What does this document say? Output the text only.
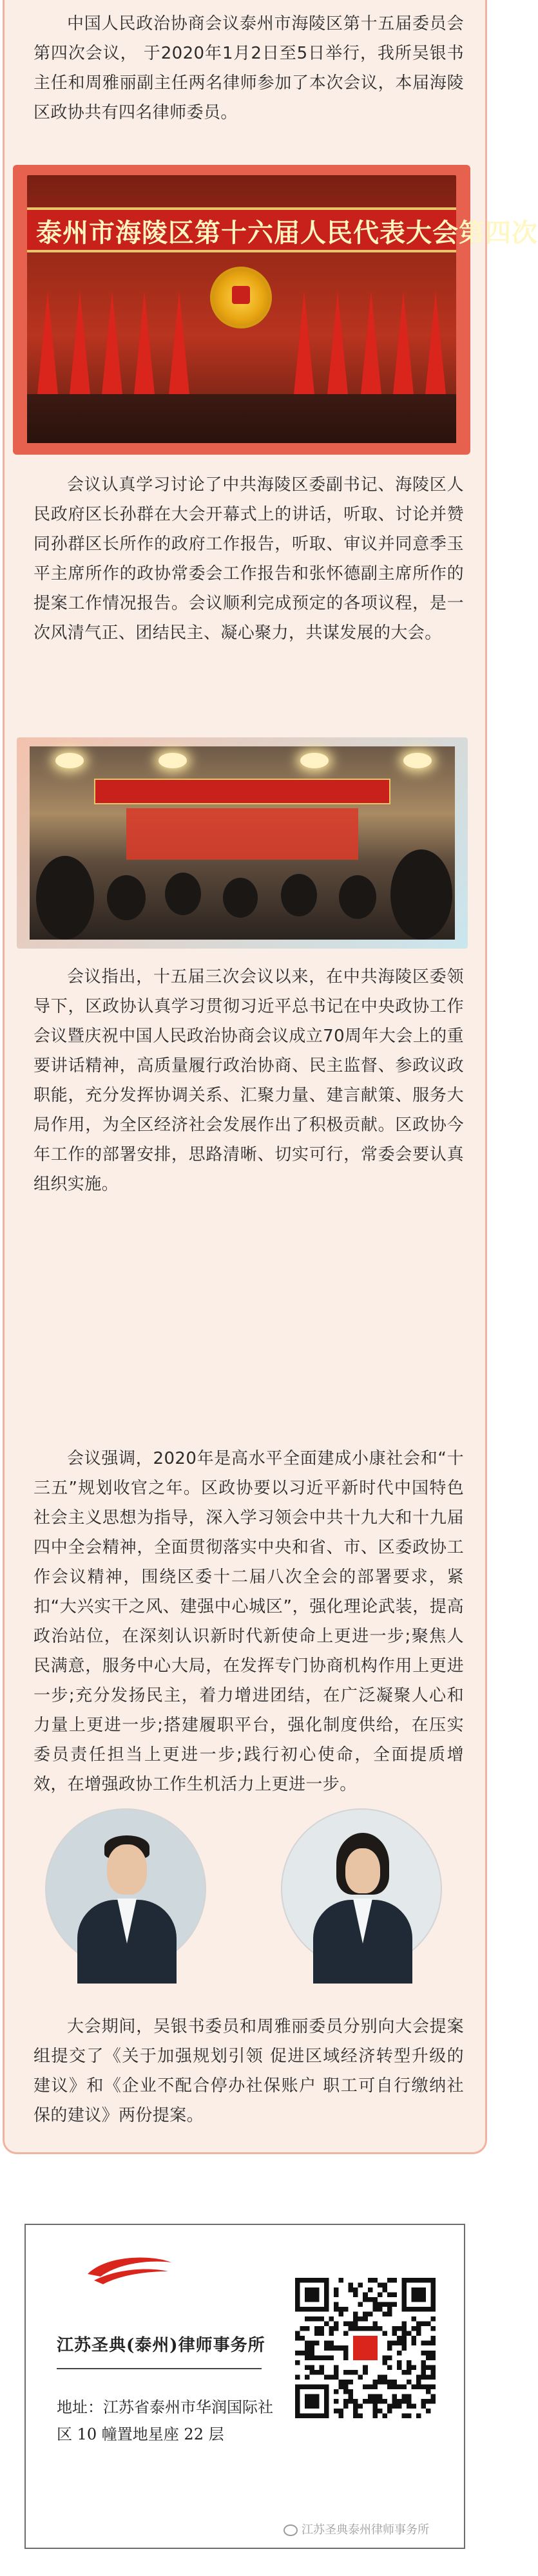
中国人民政治协商会议泰州市海陵区第十五届委员会第四次会议， 于2020年1月2日至5日举行，我所吴银书主任和周雅丽副主任两名律师参加了本次会议，本届海陵区政协共有四名律师委员。

泰州市海陵区第十六届人民代表大会第四次

会议认真学习讨论了中共海陵区委副书记、海陵区人民政府区长孙群在大会开幕式上的讲话，听取、讨论并赞同孙群区长所作的政府工作报告，听取、审议并同意季玉平主席所作的政协常委会工作报告和张怀德副主席所作的提案工作情况报告。会议顺利完成预定的各项议程，是一次风清气正、团结民主、凝心聚力，共谋发展的大会。

会议指出，十五届三次会议以来，在中共海陵区委领导下，区政协认真学习贯彻习近平总书记在中央政协工作会议暨庆祝中国人民政治协商会议成立70周年大会上的重要讲话精神，高质量履行政治协商、民主监督、参政议政职能，充分发挥协调关系、汇聚力量、建言献策、服务大局作用，为全区经济社会发展作出了积极贡献。区政协今年工作的部署安排，思路清晰、切实可行，常委会要认真组织实施。

会议强调，2020年是高水平全面建成小康社会和“十三五”规划收官之年。区政协要以习近平新时代中国特色社会主义思想为指导，深入学习领会中共十九大和十九届四中全会精神，全面贯彻落实中央和省、市、区委政协工作会议精神，围绕区委十二届八次全会的部署要求，紧扣“大兴实干之风、建强中心城区”，强化理论武装，提高政治站位，在深刻认识新时代新使命上更进一步;聚焦人民满意，服务中心大局，在发挥专门协商机构作用上更进一步;充分发扬民主，着力增进团结，在广泛凝聚人心和力量上更进一步;搭建履职平台，强化制度供给，在压实委员责任担当上更进一步;践行初心使命，全面提质增效，在增强政协工作生机活力上更进一步。

大会期间，吴银书委员和周雅丽委员分别向大会提案组提交了《关于加强规划引领 促进区域经济转型升级的建议》和《企业不配合停办社保账户 职工可自行缴纳社保的建议》两份提案。

江苏圣典(泰州)律师事务所
地址：江苏省泰州市华润国际社区 10 幢置地星座 22 层
江苏圣典泰州律师事务所
